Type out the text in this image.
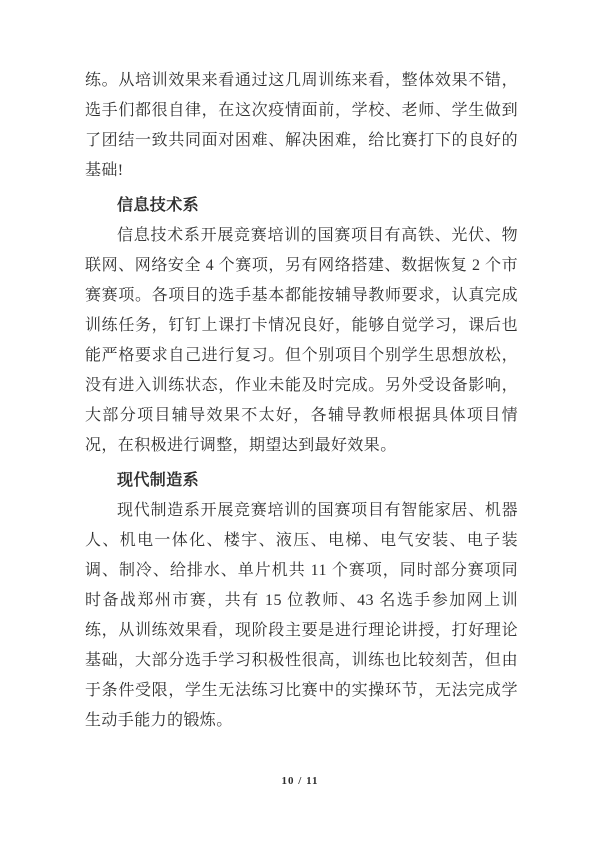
练。从培训效果来看通过这几周训练来看，整体效果不错，选手们都很自律，在这次疫情面前，学校、老师、学生做到了团结一致共同面对困难、解决困难，给比赛打下的良好的基础!

信息技术系

信息技术系开展竞赛培训的国赛项目有高铁、光伏、物联网、网络安全 4 个赛项，另有网络搭建、数据恢复 2 个市赛赛项。各项目的选手基本都能按辅导教师要求，认真完成训练任务，钉钉上课打卡情况良好，能够自觉学习，课后也能严格要求自己进行复习。但个别项目个别学生思想放松，没有进入训练状态，作业未能及时完成。另外受设备影响，大部分项目辅导效果不太好，各辅导教师根据具体项目情况，在积极进行调整，期望达到最好效果。

现代制造系

现代制造系开展竞赛培训的国赛项目有智能家居、机器人、机电一体化、楼宇、液压、电梯、电气安装、电子装调、制冷、给排水、单片机共 11 个赛项，同时部分赛项同时备战郑州市赛，共有 15 位教师、43 名选手参加网上训练，从训练效果看，现阶段主要是进行理论讲授，打好理论基础，大部分选手学习积极性很高，训练也比较刻苦，但由于条件受限，学生无法练习比赛中的实操环节，无法完成学生动手能力的锻炼。

10 / 11
